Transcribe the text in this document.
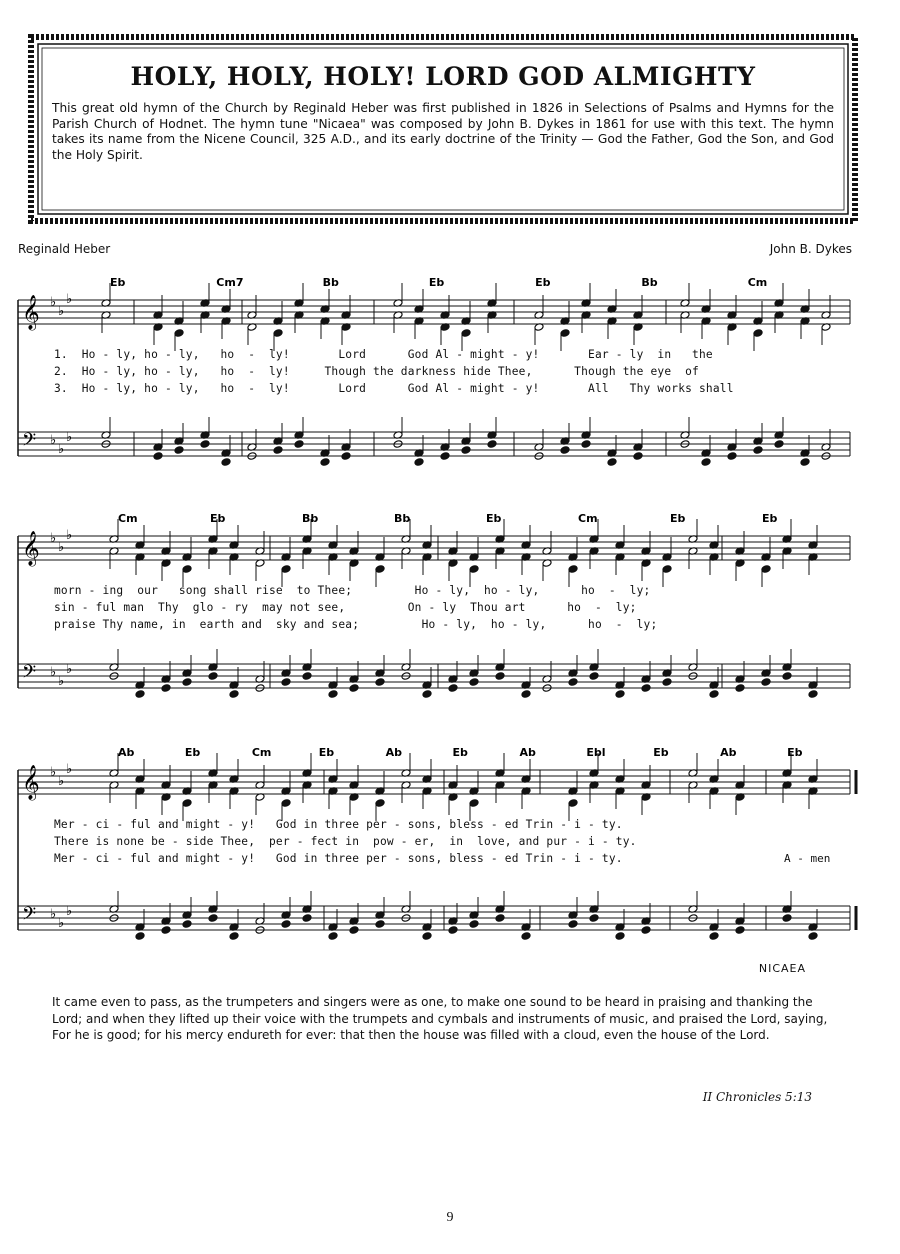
HOLY, HOLY, HOLY! LORD GOD ALMIGHTY
This great old hymn of the Church by Reginald Heber was first published in 1826 in Selections of Psalms and Hymns for the Parish Church of Hodnet. The hymn tune "Nicaea" was composed by John B. Dykes in 1861 for use with this text. The hymn takes its name from the Nicene Council, 325 A.D., and its early doctrine of the Trinity — God the Father, God the Son, and God the Holy Spirit.
Reginald Heber	John B. Dykes
𝄞
𝄢
♭
♭
♭
♭
♭
♭
Eb	Cm7	Bb	Eb	Eb	Bb	Cm
1.  Ho - ly, ho - ly,   ho  -  ly!       Lord      God Al - might - y!       Ear - ly  in   the
2.  Ho - ly, ho - ly,   ho  -  ly!     Though the darkness hide Thee,      Though the eye  of
3.  Ho - ly, ho - ly,   ho  -  ly!       Lord      God Al - might - y!       All   Thy works shall
𝄞
𝄢
♭
♭
♭
♭
♭
♭
Cm	Eb	Bb	Bb	Eb	Cm	Eb	Eb
morn - ing  our   song shall rise  to Thee;         Ho - ly,  ho - ly,      ho  -  ly;
sin - ful man  Thy  glo - ry  may not see,         On - ly  Thou art      ho  -  ly;
praise Thy name, in  earth and  sky and sea;         Ho - ly,  ho - ly,      ho  -  ly;
𝄞
𝄢
♭
♭
♭
♭
♭
♭
Ab	Eb	Cm	Eb	Ab	Eb	Ab	Ebl	Eb	Ab	Eb
Mer - ci - ful and might - y!   God in three per - sons, bless - ed Trin - i - ty.
There is none be - side Thee,  per - fect in  pow - er,  in  love, and pur - i - ty.
Mer - ci - ful and might - y!   God in three per - sons, bless - ed Trin - i - ty.	A - men
NICAEA
It came even to pass, as the trumpeters and singers were as one, to make one sound to be heard in praising and thanking the Lord; and when they lifted up their voice with the trumpets and cymbals and instruments of music, and praised the Lord, saying, For he is good; for his mercy endureth for ever: that then the house was filled with a cloud, even the house of the Lord.
II Chronicles 5:13
9
